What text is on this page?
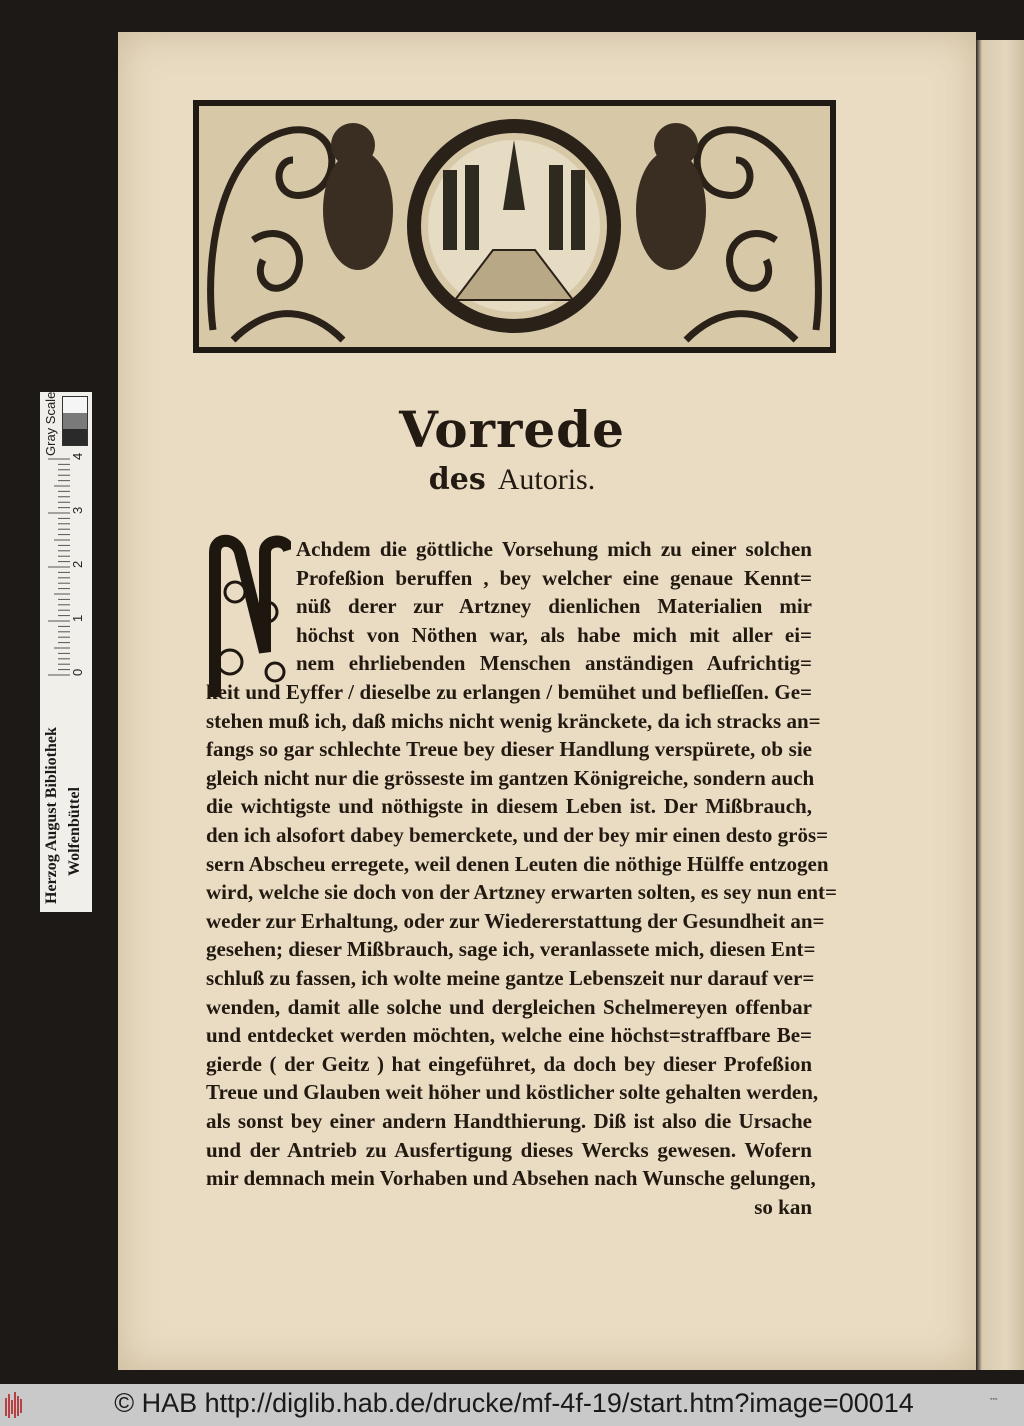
Vorrede
des Autoris.
Achdem die göttliche Vorsehung mich zu einer solchen
Profeßion beruffen , bey welcher eine genaue Kennt=
nüß derer zur Artzney dienlichen Materialien mir
höchst von Nöthen war, als habe mich mit aller ei=
nem ehrliebenden Menschen anständigen Aufrichtig=
keit und Eyffer / dieselbe zu erlangen / bemühet und beflieſſen. Ge=
stehen muß ich, daß michs nicht wenig kränckete, da ich stracks an=
fangs so gar schlechte Treue bey dieser Handlung verspürete, ob sie
gleich nicht nur die grösseste im gantzen Königreiche, sondern auch
die wichtigste und nöthigste in diesem Leben ist. Der Mißbrauch,
den ich alsofort dabey bemerckete, und der bey mir einen desto grös=
sern Abscheu erregete, weil denen Leuten die nöthige Hülffe entzogen
wird, welche sie doch von der Artzney erwarten solten, es sey nun ent=
weder zur Erhaltung, oder zur Wiedererstattung der Gesundheit an=
gesehen; dieser Mißbrauch, sage ich, veranlassete mich, diesen Ent=
schluß zu fassen, ich wolte meine gantze Lebenszeit nur darauf ver=
wenden, damit alle solche und dergleichen Schelmereyen offenbar
und entdecket werden möchten, welche eine höchst=straffbare Be=
gierde ( der Geitz ) hat eingeführet, da doch bey dieser Profeßion
Treue und Glauben weit höher und köstlicher solte gehalten werden,
als sonst bey einer andern Handthierung. Diß ist also die Ursache
und der Antrieb zu Ausfertigung dieses Wercks gewesen. Wofern
mir demnach mein Vorhaben und Absehen nach Wunsche gelungen,
so kan
Herzog August Bibliothek Wolfenbüttel
0
1
2
3
4
Gray Scale
© HAB http://diglib.hab.de/drucke/mf-4f-19/start.htm?image=00014	▪▪▪
